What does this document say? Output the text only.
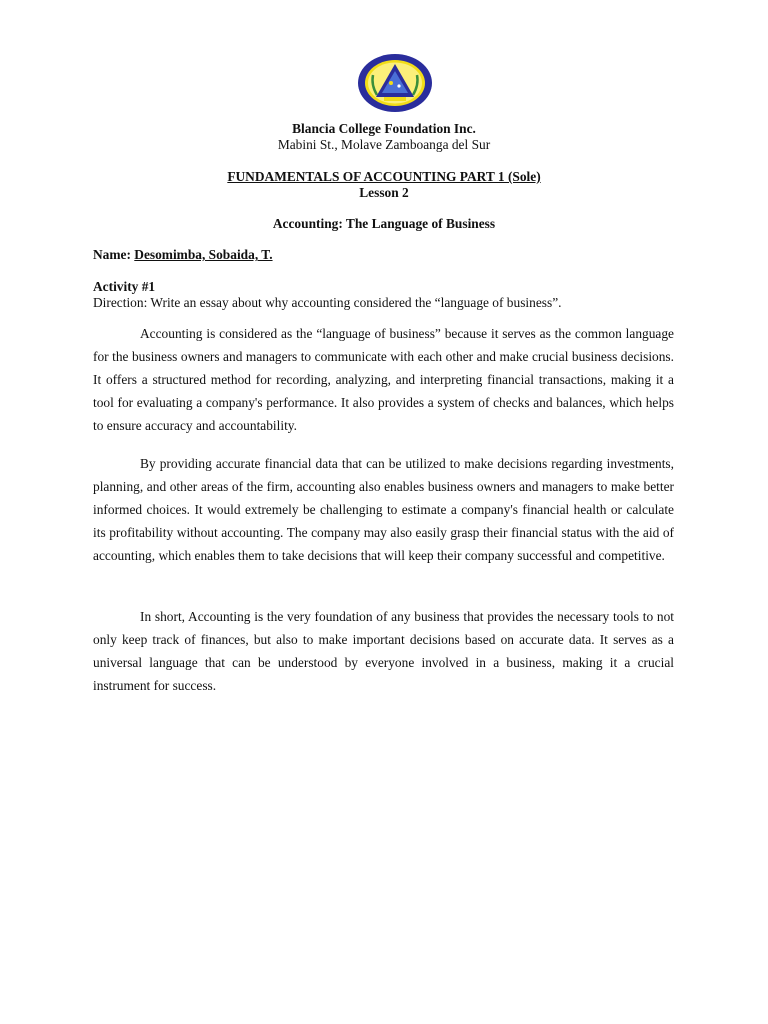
Blancia College Foundation Inc.
Mabini St., Molave Zamboanga del Sur
FUNDAMENTALS OF ACCOUNTING PART 1 (Sole)
Lesson 2
Accounting: The Language of Business
Name: Desomimba, Sobaida, T.
Activity #1
Direction: Write an essay about why accounting considered the “language of business”.

Accounting is considered as the “language of business” because it serves as the common language for the business owners and managers to communicate with each other and make crucial business decisions. It offers a structured method for recording, analyzing, and interpreting financial transactions, making it a tool for evaluating a company's performance. It also provides a system of checks and balances, which helps to ensure accuracy and accountability.

By providing accurate financial data that can be utilized to make decisions regarding investments, planning, and other areas of the firm, accounting also enables business owners and managers to make better informed choices. It would extremely be challenging to estimate a company's financial health or calculate its profitability without accounting. The company may also easily grasp their financial status with the aid of accounting, which enables them to take decisions that will keep their company successful and competitive.

In short, Accounting is the very foundation of any business that provides the necessary tools to not only keep track of finances, but also to make important decisions based on accurate data. It serves as a universal language that can be understood by everyone involved in a business, making it a crucial instrument for success.
